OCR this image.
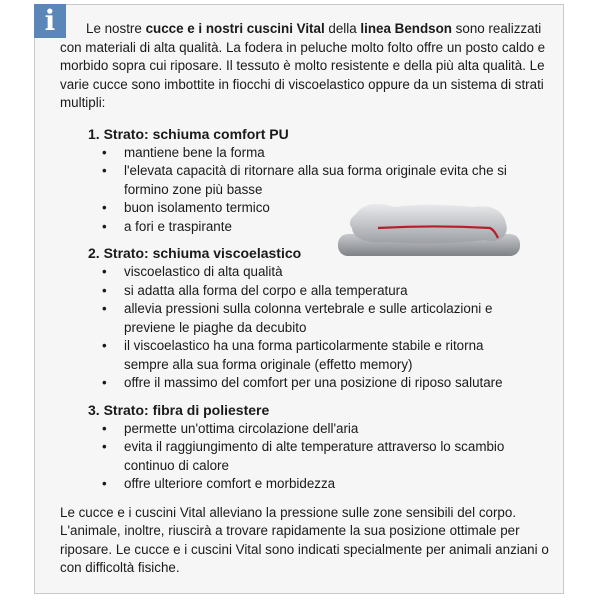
i	Le nostre cucce e i nostri cuscini Vital della linea Bendson sono realizzati con materiali di alta qualità. La fodera in peluche molto folto offre un posto caldo e morbido sopra cui riposare. Il tessuto è molto resistente e della più alta qualità. Le varie cucce sono imbottite in fiocchi di viscoelastico oppure da un sistema di strati multipli:

1. Strato: schiuma comfort PU
• mantiene bene la forma
• l'elevata capacità di ritornare alla sua forma originale evita che si formino zone più basse
• buon isolamento termico
• a fori e traspirante
2. Strato: schiuma viscoelastico
• viscoelastico di alta qualità
• si adatta alla forma del corpo e alla temperatura
• allevia pressioni sulla colonna vertebrale e sulle articolazioni e previene le piaghe da decubito
• il viscoelastico ha una forma particolarmente stabile e ritorna sempre alla sua forma originale (effetto memory)
• offre il massimo del comfort per una posizione di riposo salutare
3. Strato: fibra di poliestere
• permette un'ottima circolazione dell'aria
• evita il raggiungimento di alte temperature attraverso lo scambio continuo di calore
• offre ulteriore comfort e morbidezza

Le cucce e i cuscini Vital alleviano la pressione sulle zone sensibili del corpo. L'animale, inoltre, riuscirà a trovare rapidamente la sua posizione ottimale per riposare. Le cucce e i cuscini Vital sono indicati specialmente per animali anziani o con difficoltà fisiche.
